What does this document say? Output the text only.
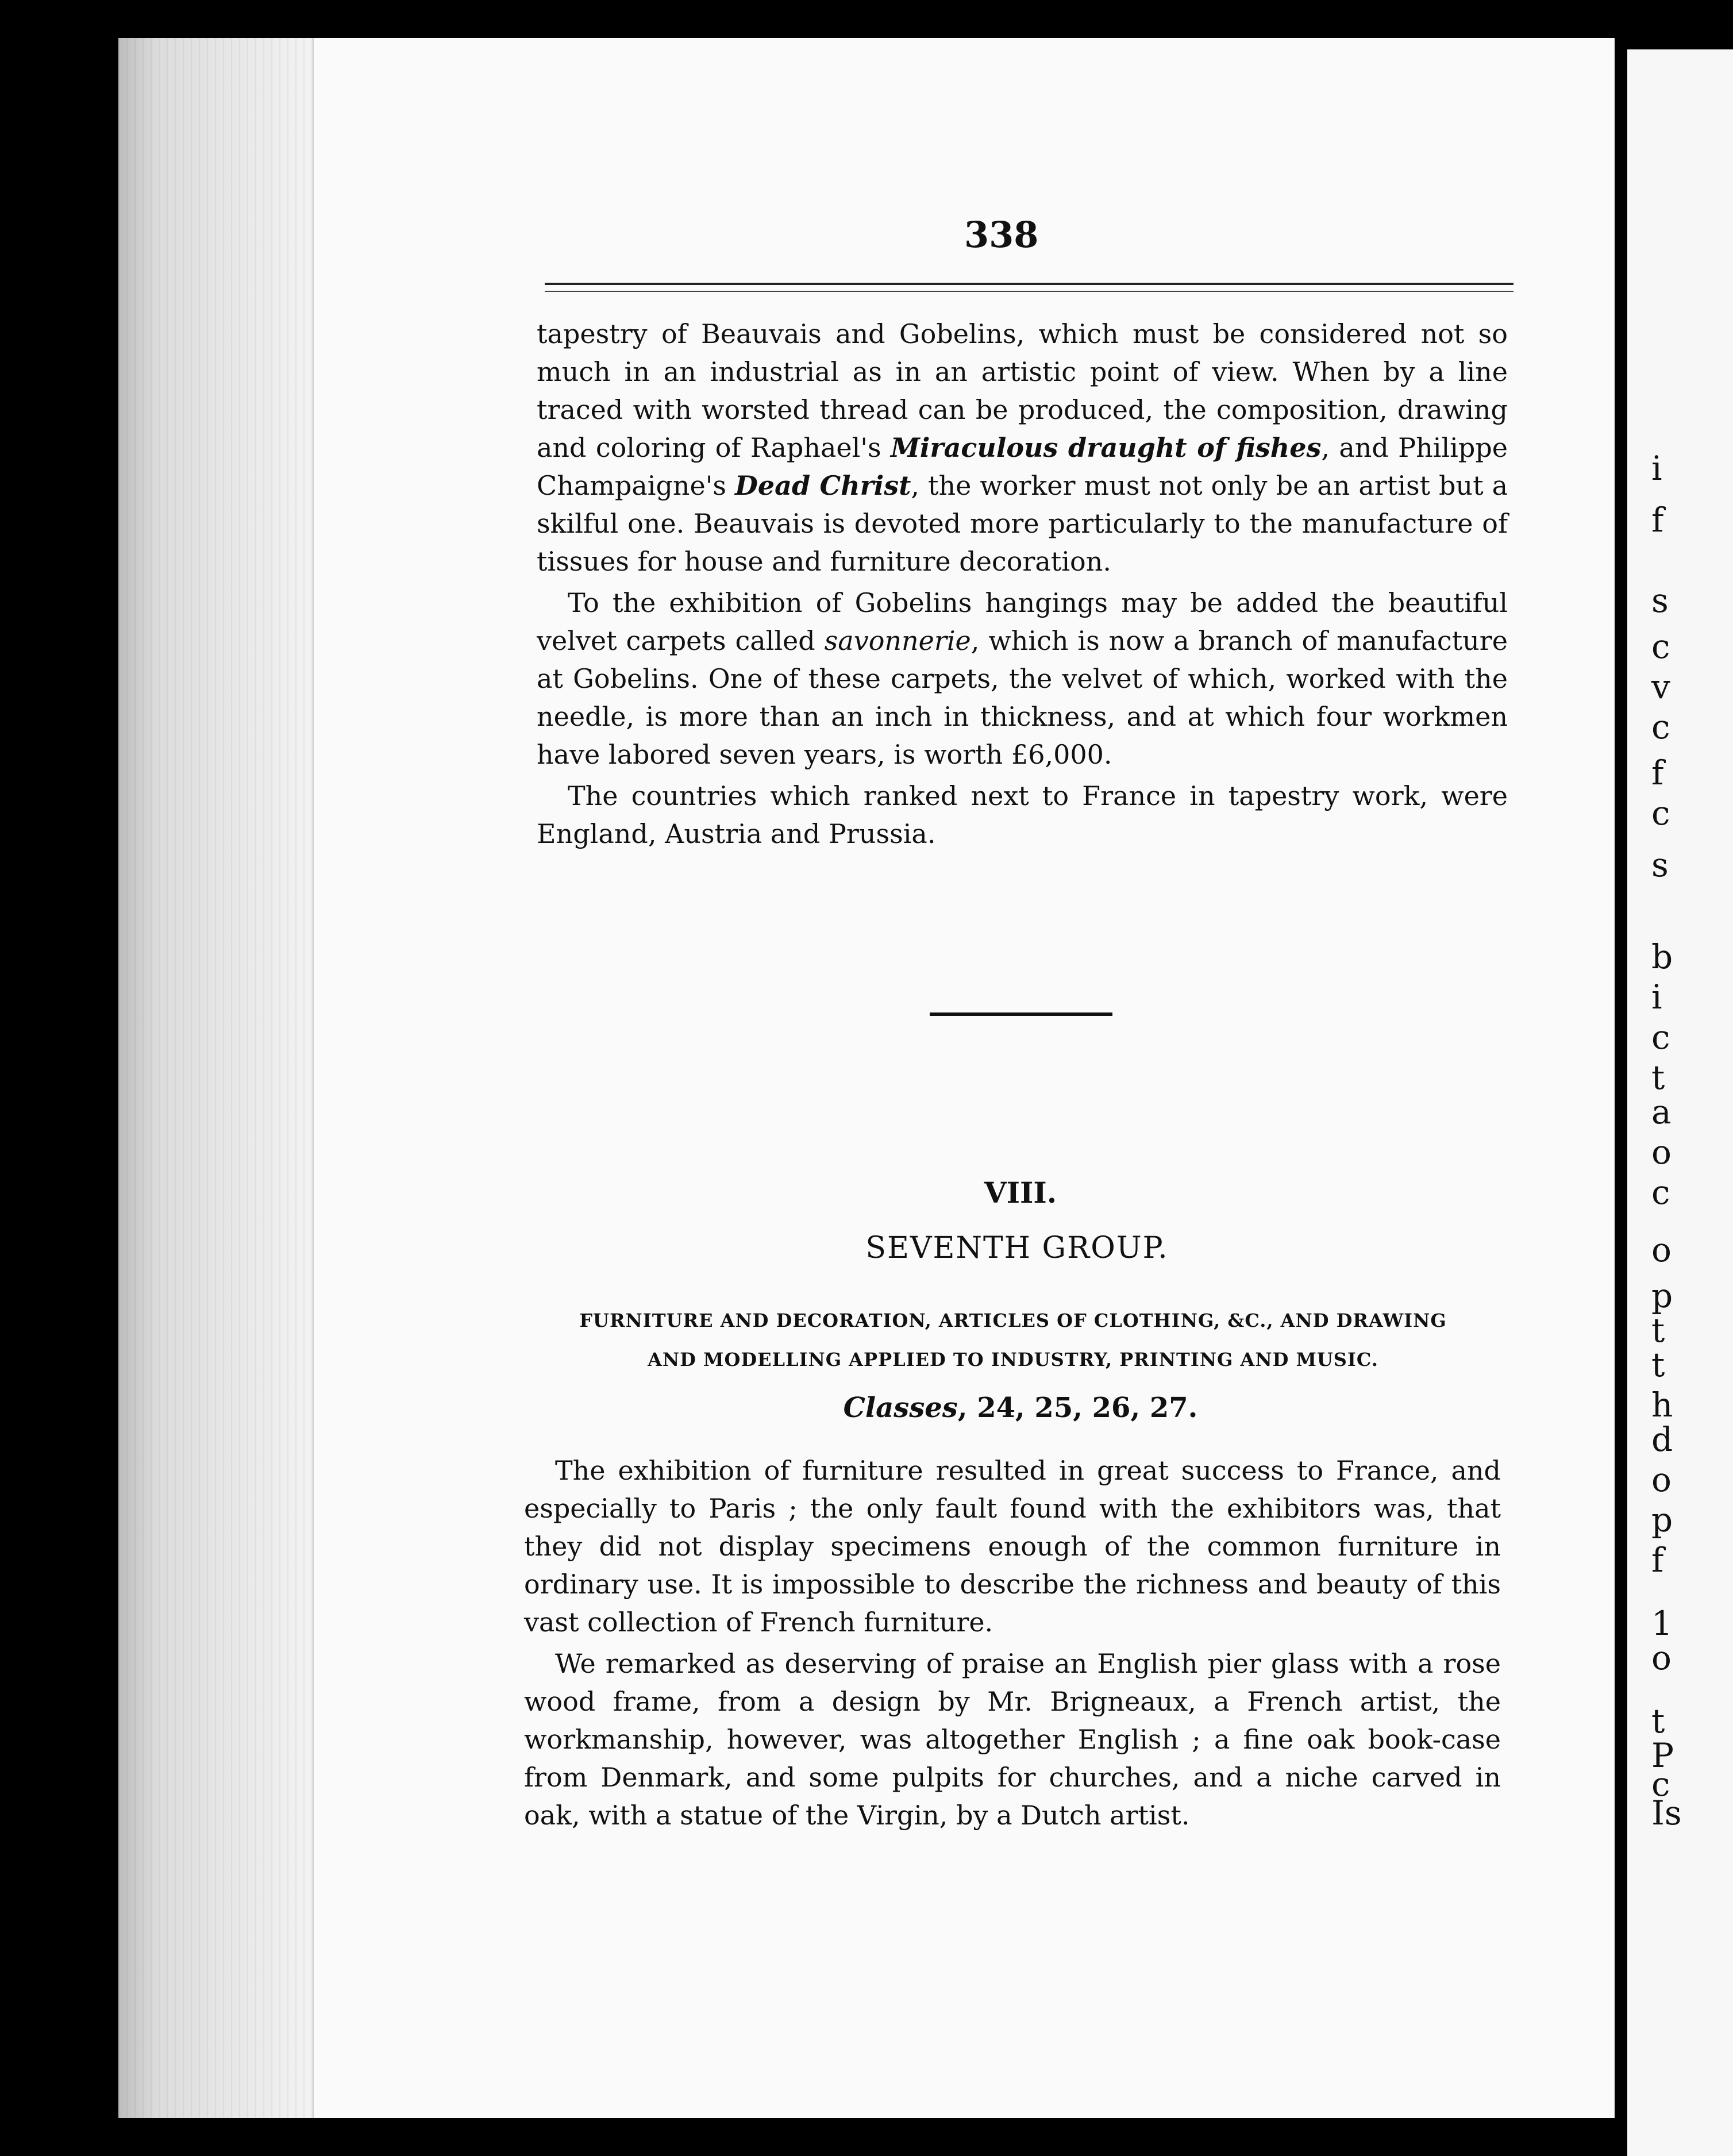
i
f
s
c
v
c
f
c
s
b
i
c
t
a
o
c
o
p
t
t
h
d
o
p
f
1
o
t
P
c
Is
338

tapestry of Beauvais and Gobelins, which must be considered not so much in an industrial as in an artistic point of view. When by a line traced with worsted thread can be produced, the composition, drawing and coloring of Raphael's Miraculous draught of fishes, and Philippe Champaigne's Dead Christ, the worker must not only be an artist but a skilful one. Beauvais is devoted more particularly to the manufacture of tissues for house and furniture decoration.

To the exhibition of Gobelins hangings may be added the beautiful velvet carpets called savonnerie, which is now a branch of manufacture at Gobelins. One of these carpets, the velvet of which, worked with the needle, is more than an inch in thickness, and at which four workmen have labored seven years, is worth £6,000.

The countries which ranked next to France in tapestry work, were England, Austria and Prussia.

VIII.
SEVENTH GROUP.
FURNITURE AND DECORATION, ARTICLES OF CLOTHING, &C., AND DRAWING
AND MODELLING APPLIED TO INDUSTRY, PRINTING AND MUSIC.
Classes, 24, 25, 26, 27.

The exhibition of furniture resulted in great success to France, and especially to Paris ; the only fault found with the exhibitors was, that they did not display specimens enough of the common furniture in ordinary use. It is impossible to describe the richness and beauty of this vast collection of French furniture.

We remarked as deserving of praise an English pier glass with a rose wood frame, from a design by Mr. Brigneaux, a French artist, the workmanship, however, was altogether English ; a fine oak book-case from Denmark, and some pulpits for churches, and a niche carved in oak, with a statue of the Virgin, by a Dutch artist.
